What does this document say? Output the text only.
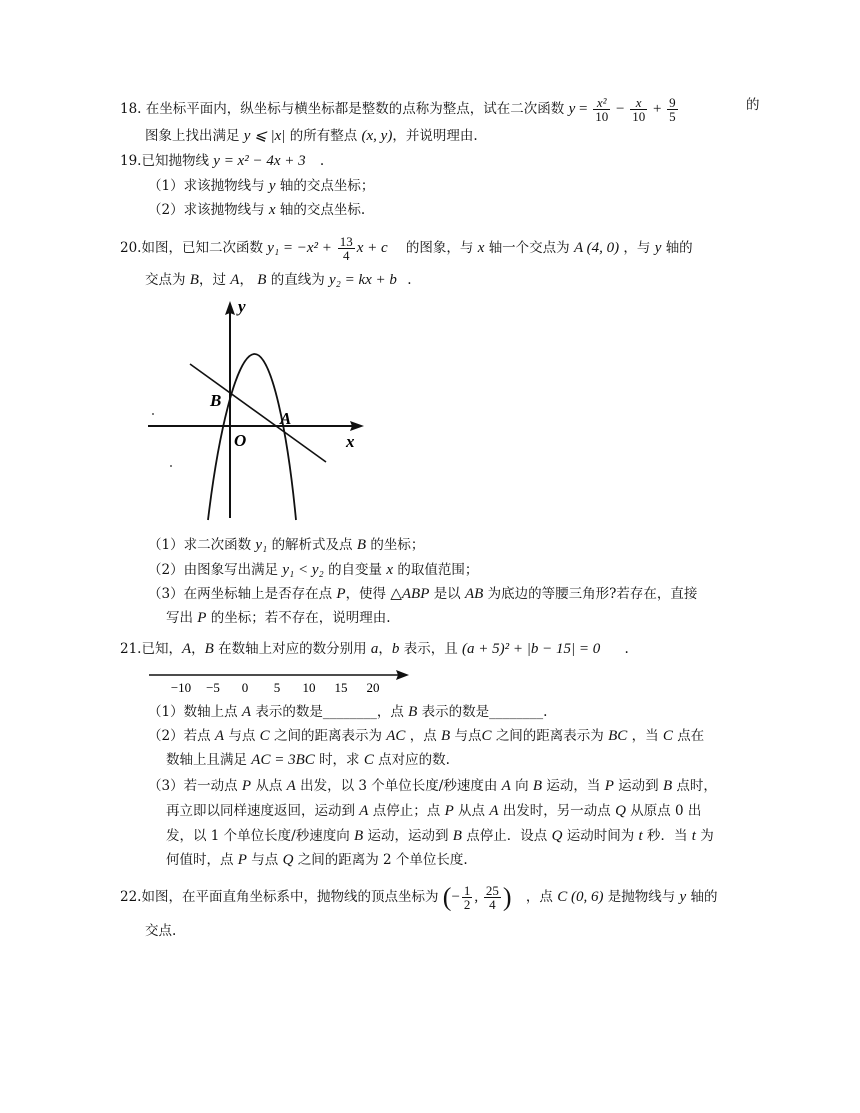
18. 在坐标平面内，纵坐标与横坐标都是整数的点称为整点，试在二次函数 $y = \frac{\text{x²}}{10} - \frac{x}{10} + \frac{9}{5}$	的
图象上找出满足 y ⩽ |x| 的所有整点 (x, y)，并说明理由.
19.已知抛物线 y = x² − 4x + 3 .
（1）求该抛物线与 y 轴的交点坐标；
（2）求该抛物线与 x 轴的交点坐标.
20.如图，已知二次函数 $y_1 = -x^2 + \frac{13}{4}$ x + c 的图象，与 x 轴一个交点为 A (4, 0) ，与 y 轴的
交点为 B，过 A， B 的直线为 y₂ = kx + b .
y
x
B
A
O
（1）求二次函数 y₁ 的解析式及点 B 的坐标；
（2）由图象写出满足 y₁ < y₂ 的自变量 x 的取值范围；
（3）在两坐标轴上是否存在点 P，使得 △ABP 是以 AB 为底边的等腰三角形?若存在，直接
写出 P 的坐标；若不存在，说明理由.
21.已知，A，B 在数轴上对应的数分别用 a，b 表示，且 (a + 5)² + |b − 15| = 0 .
−10 −5 0 5 10 15 20
（1）数轴上点 A 表示的数是________，点 B 表示的数是________.
（2）若点 A 与点 C 之间的距离表示为 AC ，点 B 与点C 之间的距离表示为 BC ，当 C 点在
数轴上且满足 AC = 3BC 时，求 C 点对应的数.
（3）若一动点 P 从点 A 出发，以 3 个单位长度/秒速度由 A 向 B 运动，当 P 运动到 B 点时，
再立即以同样速度返回，运动到 A 点停止；点 P 从点 A 出发时，另一动点 Q 从原点 0 出
发，以 1 个单位长度/秒速度向 B 运动，运动到 B 点停止．设点 Q 运动时间为 t 秒．当 t 为
何值时，点 P 与点 Q 之间的距离为 2 个单位长度.
22.如图，在平面直角坐标系中，抛物线的顶点坐标为 (− $\frac{1}{2}$ , $\frac{25}{4}$ ) ，点 C (0, 6) 是抛物线与 y 轴的
交点.
